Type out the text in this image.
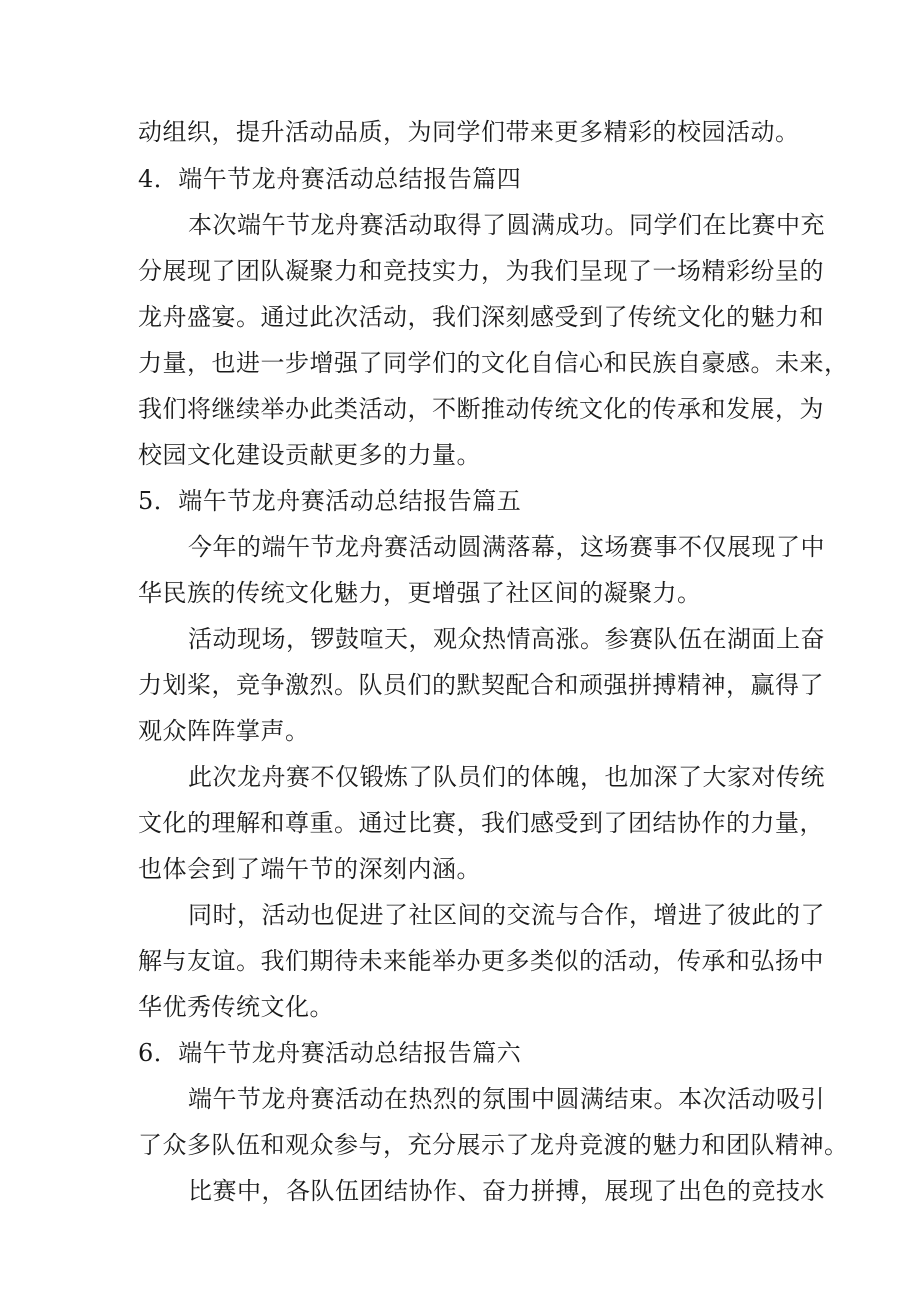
动组织，提升活动品质，为同学们带来更多精彩的校园活动。
4．端午节龙舟赛活动总结报告篇四
本次端午节龙舟赛活动取得了圆满成功。同学们在比赛中充
分展现了团队凝聚力和竞技实力，为我们呈现了一场精彩纷呈的
龙舟盛宴。通过此次活动，我们深刻感受到了传统文化的魅力和
力量，也进一步增强了同学们的文化自信心和民族自豪感。未来，
我们将继续举办此类活动，不断推动传统文化的传承和发展，为
校园文化建设贡献更多的力量。
5．端午节龙舟赛活动总结报告篇五
今年的端午节龙舟赛活动圆满落幕，这场赛事不仅展现了中
华民族的传统文化魅力，更增强了社区间的凝聚力。
活动现场，锣鼓喧天，观众热情高涨。参赛队伍在湖面上奋
力划桨，竞争激烈。队员们的默契配合和顽强拼搏精神，赢得了
观众阵阵掌声。
此次龙舟赛不仅锻炼了队员们的体魄，也加深了大家对传统
文化的理解和尊重。通过比赛，我们感受到了团结协作的力量，
也体会到了端午节的深刻内涵。
同时，活动也促进了社区间的交流与合作，增进了彼此的了
解与友谊。我们期待未来能举办更多类似的活动，传承和弘扬中
华优秀传统文化。
6．端午节龙舟赛活动总结报告篇六
端午节龙舟赛活动在热烈的氛围中圆满结束。本次活动吸引
了众多队伍和观众参与，充分展示了龙舟竞渡的魅力和团队精神。
比赛中，各队伍团结协作、奋力拼搏，展现了出色的竞技水
